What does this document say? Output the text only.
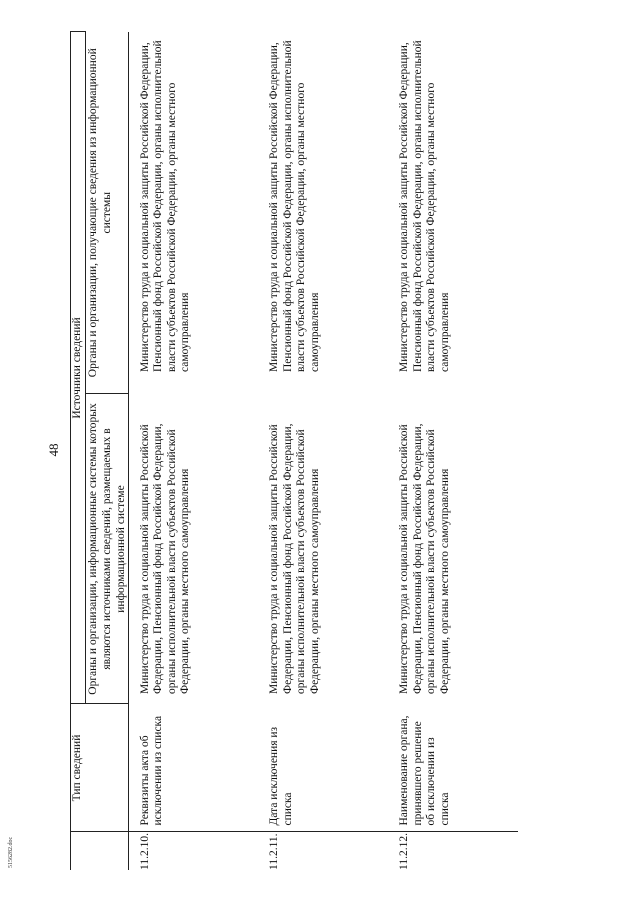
48
	Тип сведений	Источники сведений	
		Органы и организации, информационные системы которых являются источниками сведений, размещаемых в информационной системе	Органы и организации, получающие сведения из информационной системы
11.2.10.	Реквизиты акта об исключении из списка	Министерство труда и социальной защиты Российской Федерации, Пенсионный фонд Российской Федерации, органы исполнительной власти субъектов Российской Федерации, органы местного самоуправления	Министерство труда и социальной защиты Российской Федерации, Пенсионный фонд Российской Федерации, органы исполнительной власти субъектов Российской Федерации, органы местного самоуправления
11.2.11.	Дата исключения из списка	Министерство труда и социальной защиты Российской Федерации, Пенсионный фонд Российской Федерации, органы исполнительной власти субъектов Российской Федерации, органы местного самоуправления	Министерство труда и социальной защиты Российской Федерации, Пенсионный фонд Российской Федерации, органы исполнительной власти субъектов Российской Федерации, органы местного самоуправления
11.2.12.	Наименование органа, принявшего решение об исключении из списка	Министерство труда и социальной защиты Российской Федерации, Пенсионный фонд Российской Федерации, органы исполнительной власти субъектов Российской Федерации, органы местного самоуправления	Министерство труда и социальной защиты Российской Федерации, Пенсионный фонд Российской Федерации, органы исполнительной власти субъектов Российской Федерации, органы местного самоуправления
5156282.doc
